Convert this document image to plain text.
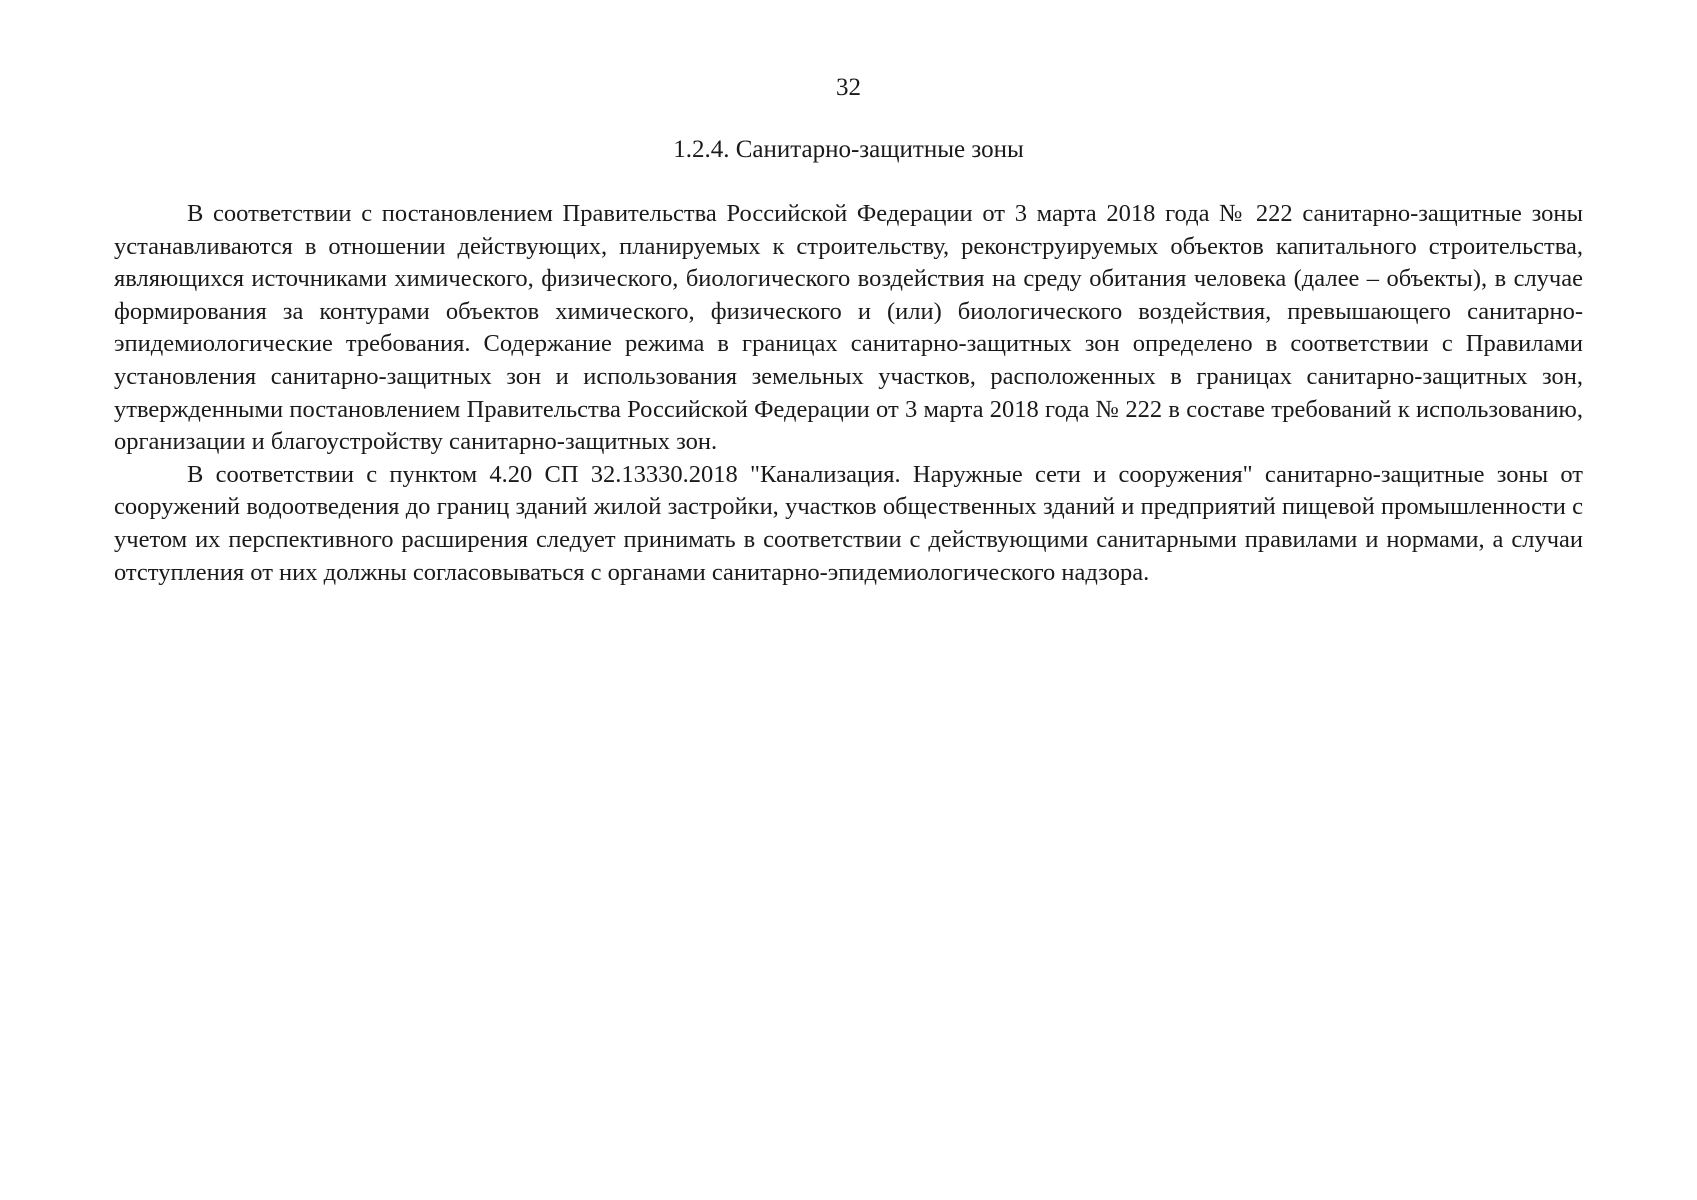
32
1.2.4. Санитарно-защитные зоны

В соответствии с постановлением Правительства Российской Федерации от 3 марта 2018 года № 222 санитарно-защитные зоны устанавливаются в отношении действующих, планируемых к строительству, реконструируемых объектов капитального строительства, являющихся источниками химического, физического, биологического воздействия на среду обитания человека (далее – объекты), в случае формирования за контурами объектов химического, физического и (или) биологического воздействия, превышающего санитарно-эпидемиологические требования. Содержание режима в границах санитарно-защитных зон определено в соответствии с Правилами установления санитарно-защитных зон и использования земельных участков, расположенных в границах санитарно-защитных зон, утвержденными постановлением Правительства Российской Федерации от 3 марта 2018 года № 222 в составе требований к использованию, организации и благоустройству санитарно-защитных зон.

В соответствии с пунктом 4.20 СП 32.13330.2018 "Канализация. Наружные сети и сооружения" санитарно-защитные зоны от сооружений водоотведения до границ зданий жилой застройки, участков общественных зданий и предприятий пищевой промышленности с учетом их перспективного расширения следует принимать в соответствии с действующими санитарными правилами и нормами, а случаи отступления от них должны согласовываться с органами санитарно-эпидемиологического надзора.
